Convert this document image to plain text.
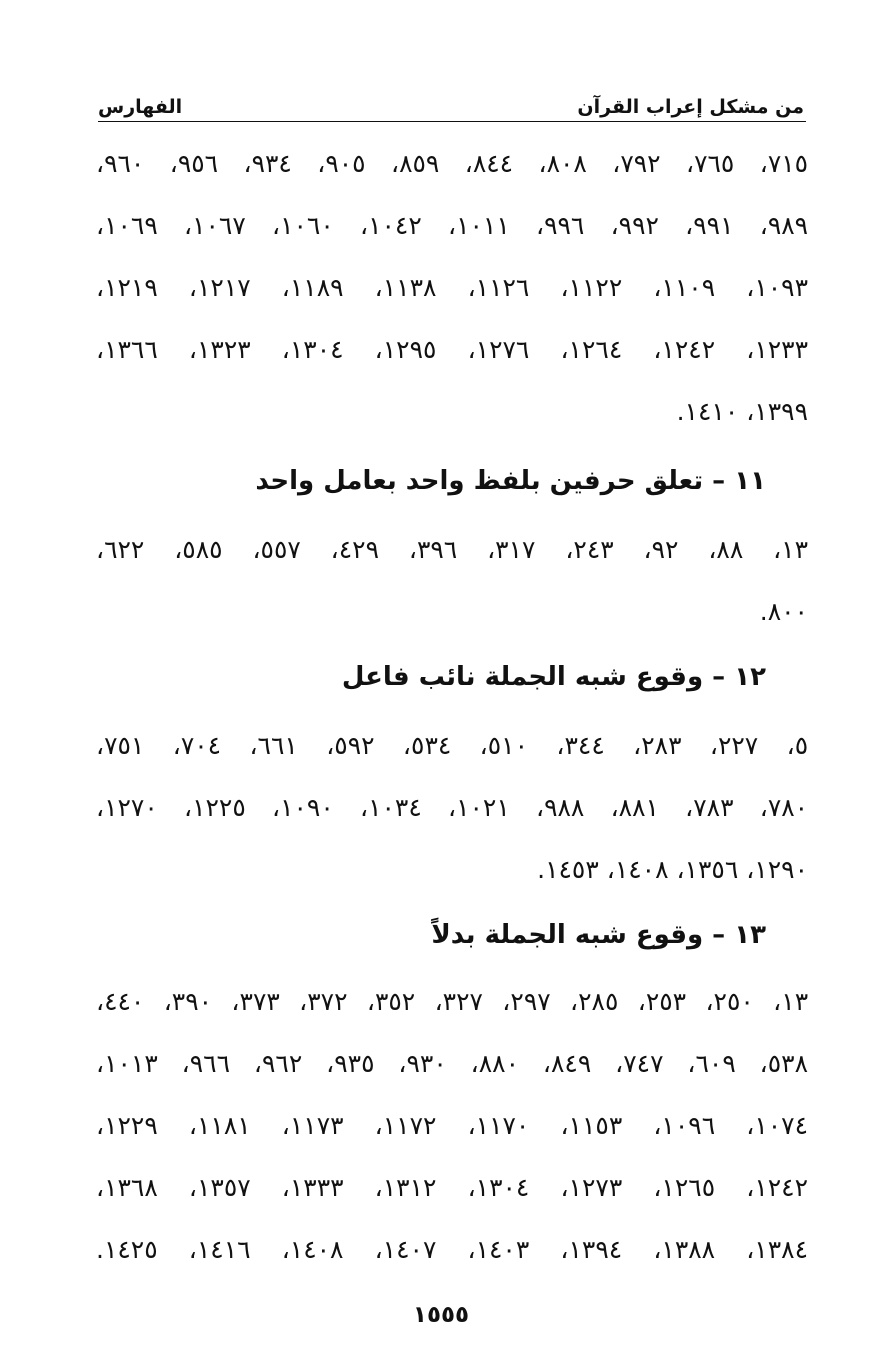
من مشكل إعراب القرآن
الفهارس
٧١٥، ٧٦٥، ٧٩٢، ٨٠٨، ٨٤٤، ٨٥٩، ٩٠٥، ٩٣٤، ٩٥٦، ٩٦٠،
٩٨٩، ٩٩١، ٩٩٢، ٩٩٦، ١٠١١، ١٠٤٢، ١٠٦٠، ١٠٦٧، ١٠٦٩،
١٠٩٣، ١١٠٩، ١١٢٢، ١١٢٦، ١١٣٨، ١١٨٩، ١٢١٧، ١٢١٩،
١٢٣٣، ١٢٤٢، ١٢٦٤، ١٢٧٦، ١٢٩٥، ١٣٠٤، ١٣٢٣، ١٣٦٦،
١٣٩٩، ١٤١٠.
١١ – تعلق حرفين بلفظ واحد بعامل واحد
١٣، ٨٨، ٩٢، ٢٤٣، ٣١٧، ٣٩٦، ٤٢٩، ٥٥٧، ٥٨٥، ٦٢٢،
٨٠٠.
١٢ – وقوع شبه الجملة نائب فاعل
٥، ٢٢٧، ٢٨٣، ٣٤٤، ٥١٠، ٥٣٤، ٥٩٢، ٦٦١، ٧٠٤، ٧٥١،
٧٨٠، ٧٨٣، ٨٨١، ٩٨٨، ١٠٢١، ١٠٣٤، ١٠٩٠، ١٢٢٥، ١٢٧٠،
١٢٩٠، ١٣٥٦، ١٤٠٨، ١٤٥٣.
١٣ – وقوع شبه الجملة بدلاً
١٣، ٢٥٠، ٢٥٣، ٢٨٥، ٢٩٧، ٣٢٧، ٣٥٢، ٣٧٢، ٣٧٣، ٣٩٠، ٤٤٠،
٥٣٨، ٦٠٩، ٧٤٧، ٨٤٩، ٨٨٠، ٩٣٠، ٩٣٥، ٩٦٢، ٩٦٦، ١٠١٣،
١٠٧٤، ١٠٩٦، ١١٥٣، ١١٧٠، ١١٧٢، ١١٧٣، ١١٨١، ١٢٢٩،
١٢٤٢، ١٢٦٥، ١٢٧٣، ١٣٠٤، ١٣١٢، ١٣٣٣، ١٣٥٧، ١٣٦٨،
١٣٨٤، ١٣٨٨، ١٣٩٤، ١٤٠٣، ١٤٠٧، ١٤٠٨، ١٤١٦، ١٤٢٥.
١٥٥٥
